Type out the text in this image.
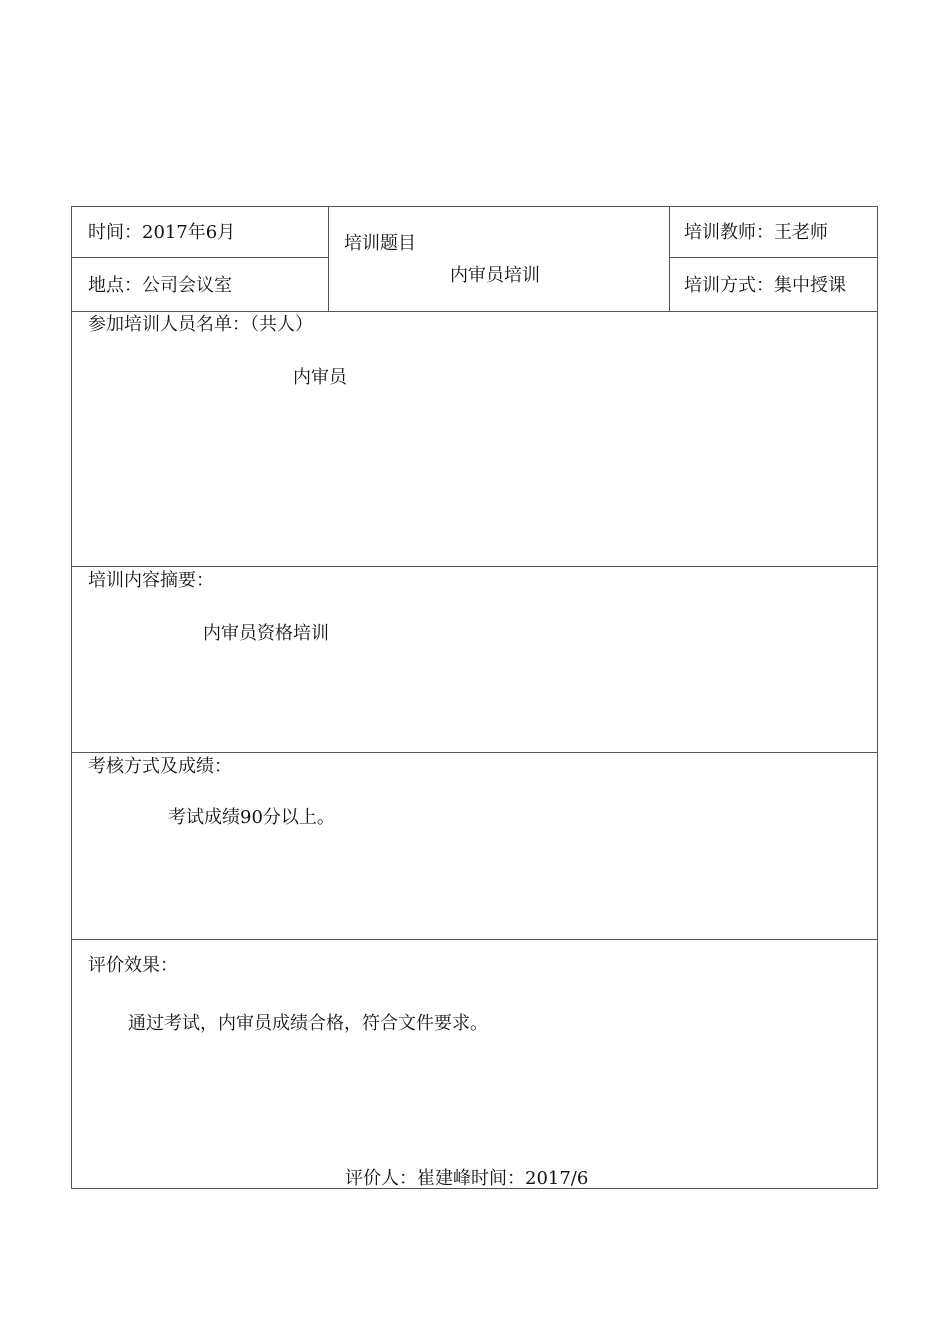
时间：2017年6月
地点：公司会议室
培训题目
内审员培训
培训教师：王老师
培训方式：集中授课
参加培训人员名单：（共人）
内审员
培训内容摘要：
内审员资格培训
考核方式及成绩：
考试成绩90分以上。
评价效果：
通过考试，内审员成绩合格，符合文件要求。
评价人：崔建峰时间：2017/6
